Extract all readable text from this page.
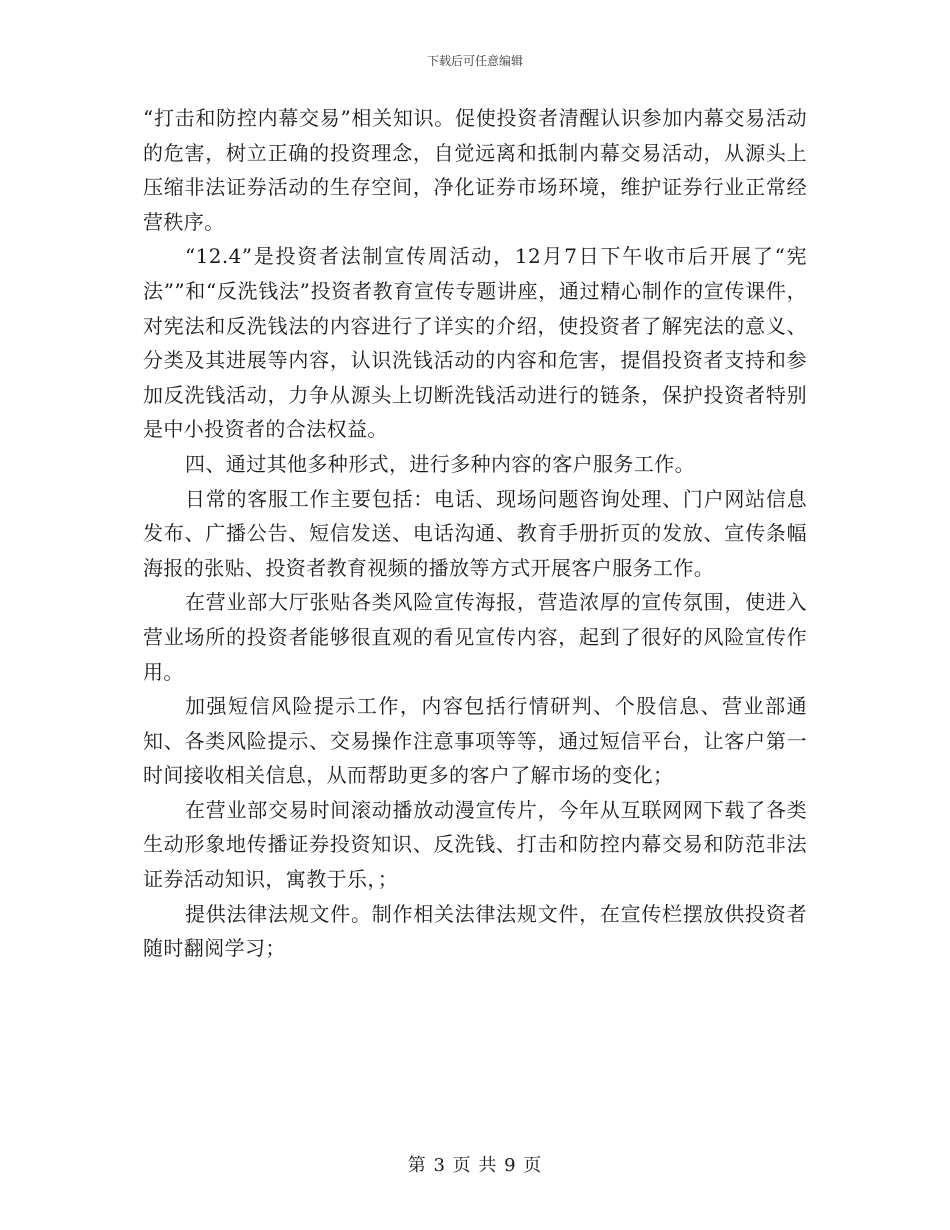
下载后可任意编辑

“打击和防控内幕交易”相关知识。促使投资者清醒认识参加内幕交易活动的危害，树立正确的投资理念，自觉远离和抵制内幕交易活动，从源头上压缩非法证券活动的生存空间，净化证券市场环境，维护证券行业正常经营秩序。

“12.4”是投资者法制宣传周活动，12月7日下午收市后开展了“宪法””和“反洗钱法”投资者教育宣传专题讲座，通过精心制作的宣传课件，对宪法和反洗钱法的内容进行了详实的介绍，使投资者了解宪法的意义、分类及其进展等内容，认识洗钱活动的内容和危害，提倡投资者支持和参加反洗钱活动，力争从源头上切断洗钱活动进行的链条，保护投资者特别是中小投资者的合法权益。

四、通过其他多种形式，进行多种内容的客户服务工作。

日常的客服工作主要包括：电话、现场问题咨询处理、门户网站信息发布、广播公告、短信发送、电话沟通、教育手册折页的发放、宣传条幅海报的张贴、投资者教育视频的播放等方式开展客户服务工作。

在营业部大厅张贴各类风险宣传海报，营造浓厚的宣传氛围，使进入营业场所的投资者能够很直观的看见宣传内容，起到了很好的风险宣传作用。

加强短信风险提示工作，内容包括行情研判、个股信息、营业部通知、各类风险提示、交易操作注意事项等等，通过短信平台，让客户第一时间接收相关信息，从而帮助更多的客户了解市场的变化；

在营业部交易时间滚动播放动漫宣传片，今年从互联网网下载了各类生动形象地传播证券投资知识、反洗钱、打击和防控内幕交易和防范非法证券活动知识，寓教于乐，；

提供法律法规文件。制作相关法律法规文件，在宣传栏摆放供投资者随时翻阅学习；

第 3 页 共 9 页
